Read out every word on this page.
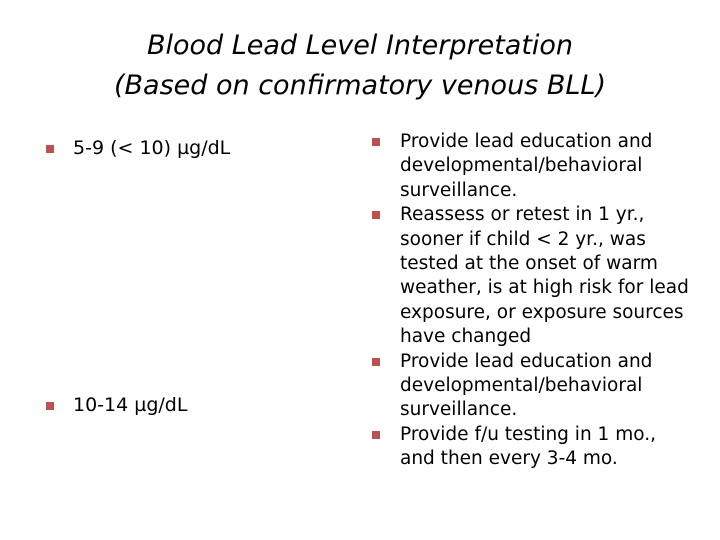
Blood Lead Level Interpretation
(Based on confirmatory venous BLL)
5-9 (< 10) µg/dL
10-14 µg/dL
Provide lead education and developmental/behavioral surveillance.
Reassess or retest in 1 yr., sooner if child < 2 yr., was tested at the onset of warm weather, is at high risk for lead exposure, or exposure sources have changed
Provide lead education and developmental/behavioral surveillance.
Provide f/u testing in 1 mo., and then every 3-4 mo.
